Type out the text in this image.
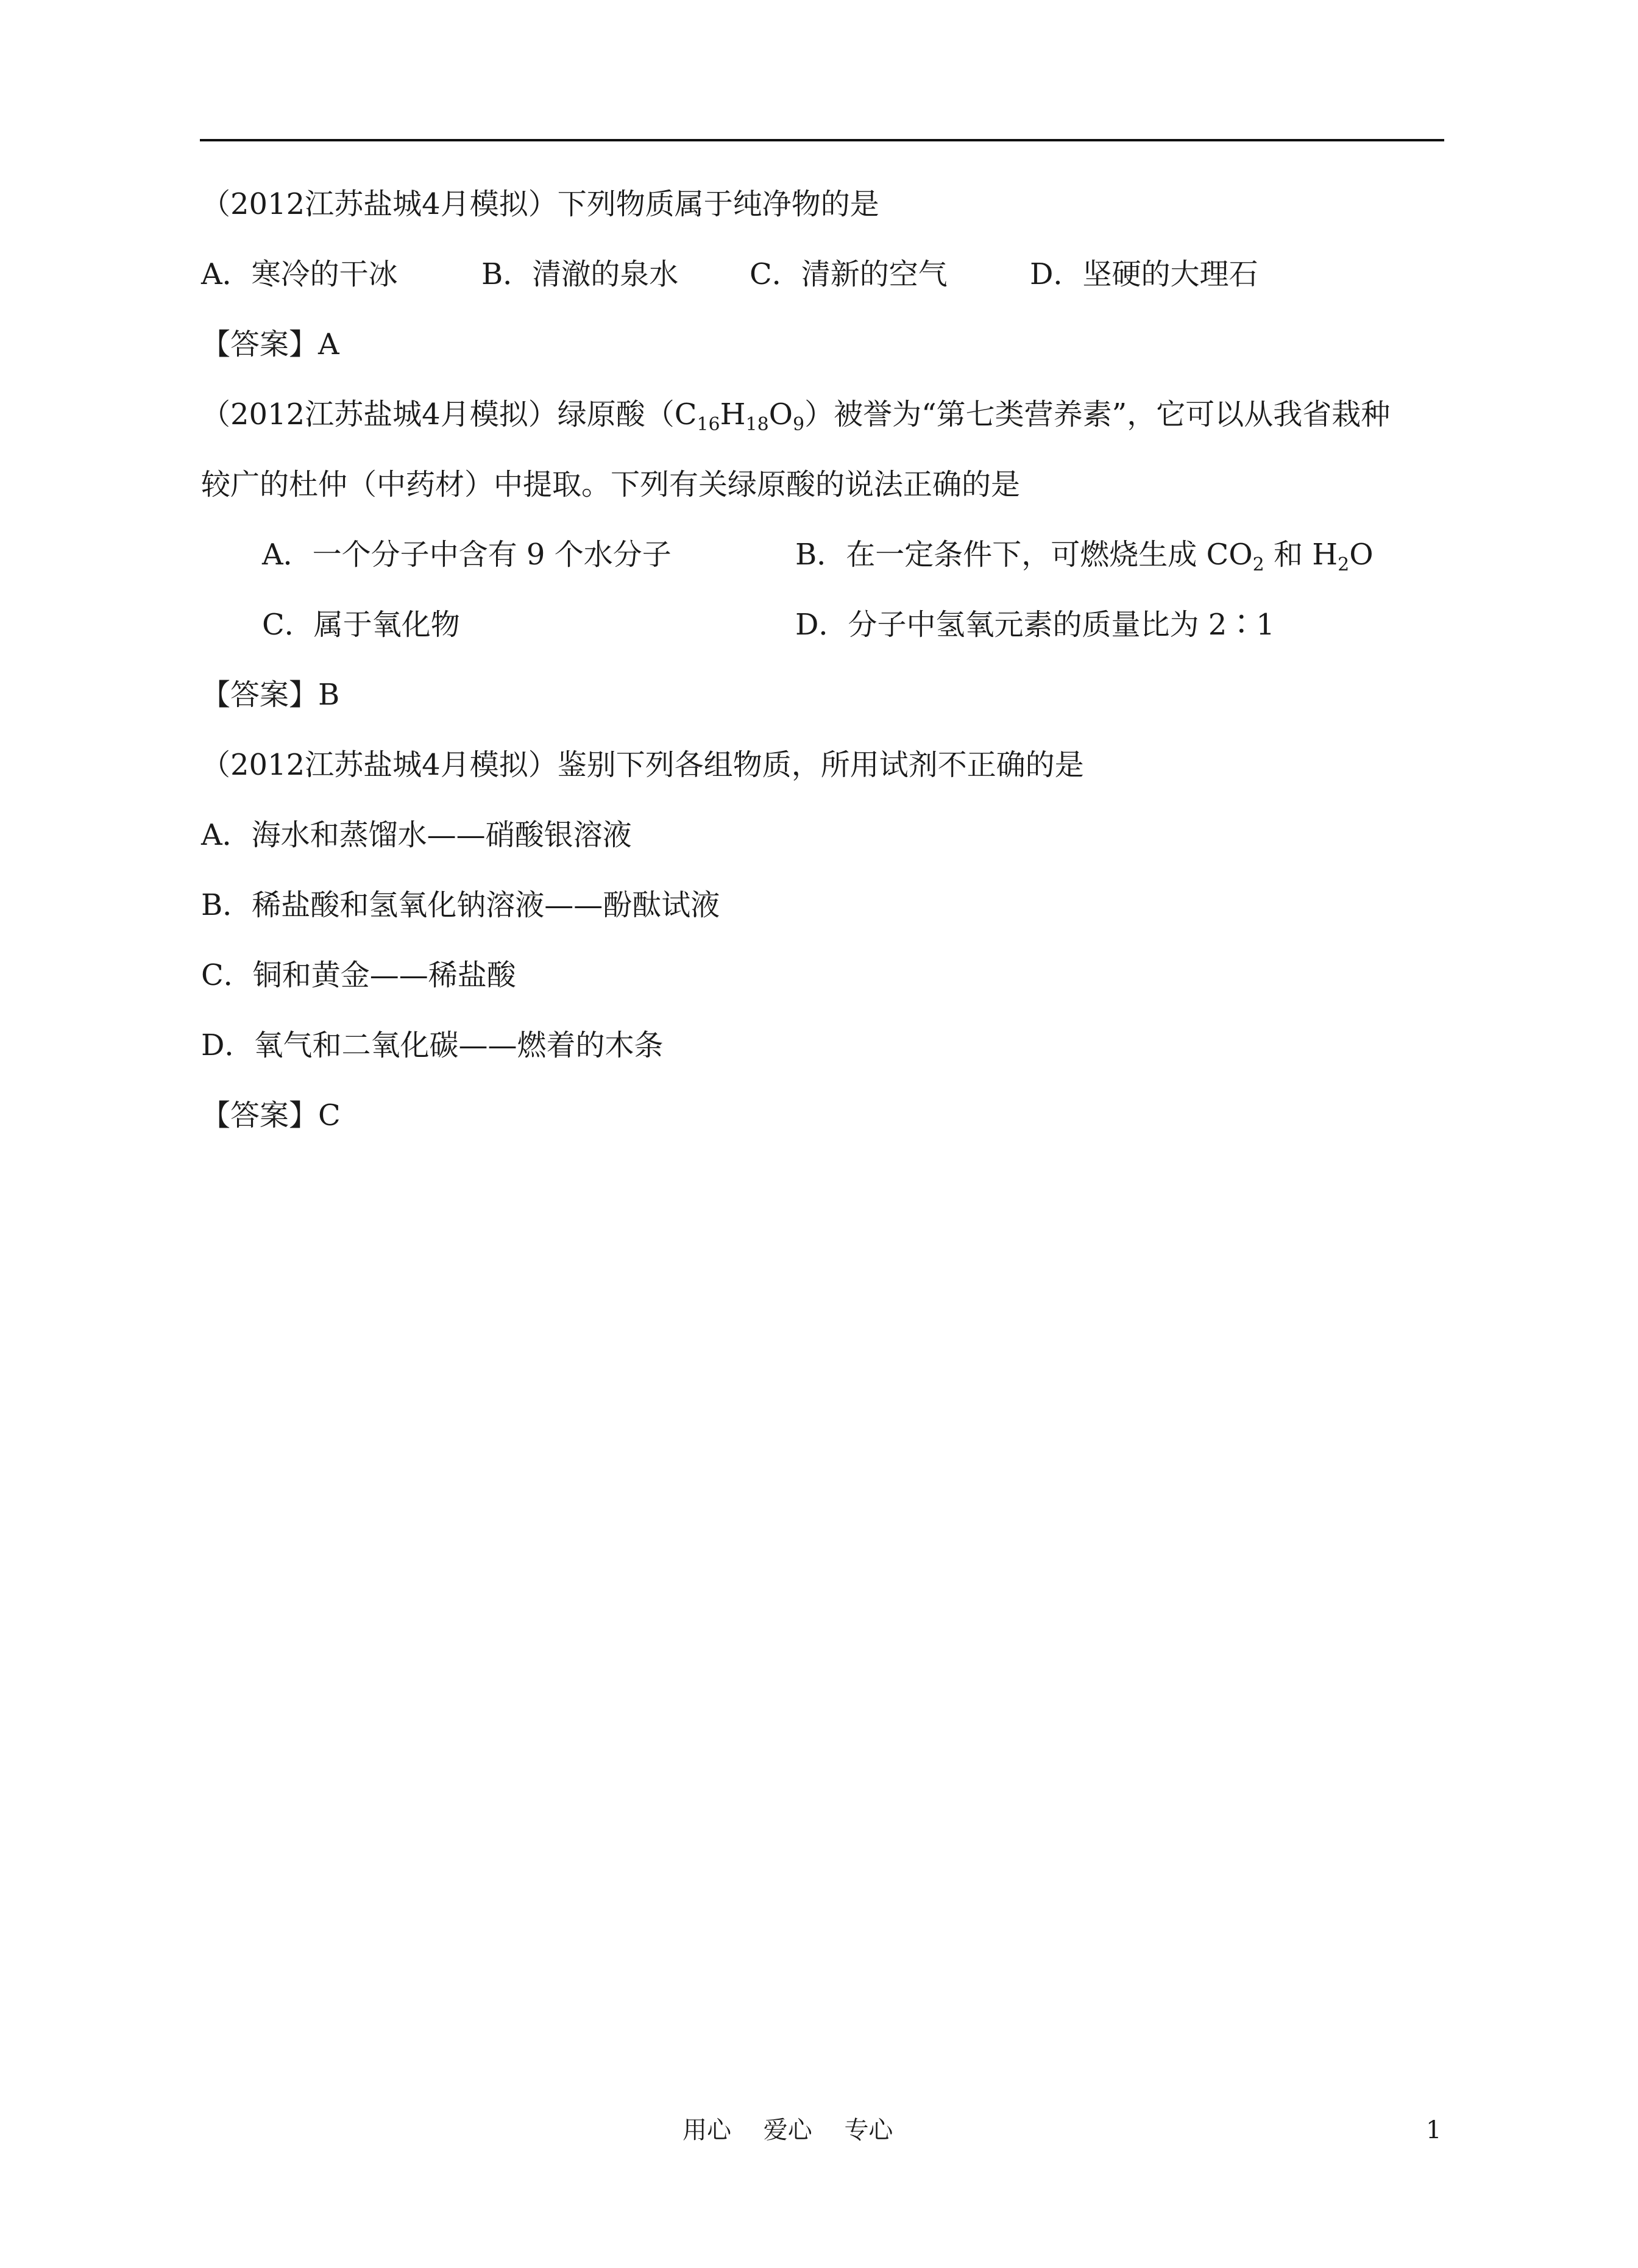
（2012江苏盐城4月模拟）下列物质属于纯净物的是
A．寒冷的干冰	B．清澈的泉水 C．清新的空气	D．坚硬的大理石
【答案】A
（2012江苏盐城4月模拟）绿原酸$(C_{16}H_{18}O_9)$被誉为“第七类营养素”，它可以从我省栽种
较广的杜仲（中药材）中提取。下列有关绿原酸的说法正确的是
A．一个分子中含有 9 个水分子	B．在一定条件下，可燃烧生成 $CO_2$ 和 $H_2O$
C．属于氧化物	D．分子中氢氧元素的质量比为 2∶1
【答案】B
（2012江苏盐城4月模拟）鉴别下列各组物质，所用试剂不正确的是
A．海水和蒸馏水——硝酸银溶液
B．稀盐酸和氢氧化钠溶液——酚酞试液
C．铜和黄金——稀盐酸
D．氧气和二氧化碳——燃着的木条
【答案】C
用心 爱心 专心	1
